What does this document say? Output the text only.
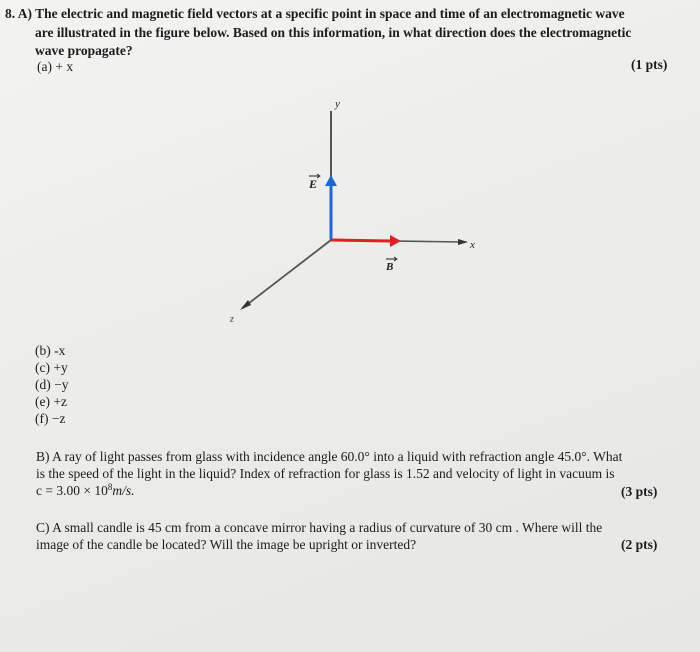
8. A) The electric and magnetic field vectors at a specific point in space and time of an electromagnetic wave
are illustrated in the figure below. Based on this information, in what direction does the electromagnetic
wave propagate?
(a) + x	(1 pts)
y
x
z
E
B
(b) -x
(c) +y
(d) −y
(e) +z
(f) −z
B) A ray of light passes from glass with incidence angle 60.0° into a liquid with refraction angle 45.0°. What
is the speed of the light in the liquid? Index of refraction for glass is 1.52 and velocity of light in vacuum is
$c = 3.00 \times 10^8m/s$.	(3 pts)
C) A small candle is 45 cm from a concave mirror having a radius of curvature of 30 cm . Where will the
image of the candle be located? Will the image be upright or inverted?	(2 pts)
